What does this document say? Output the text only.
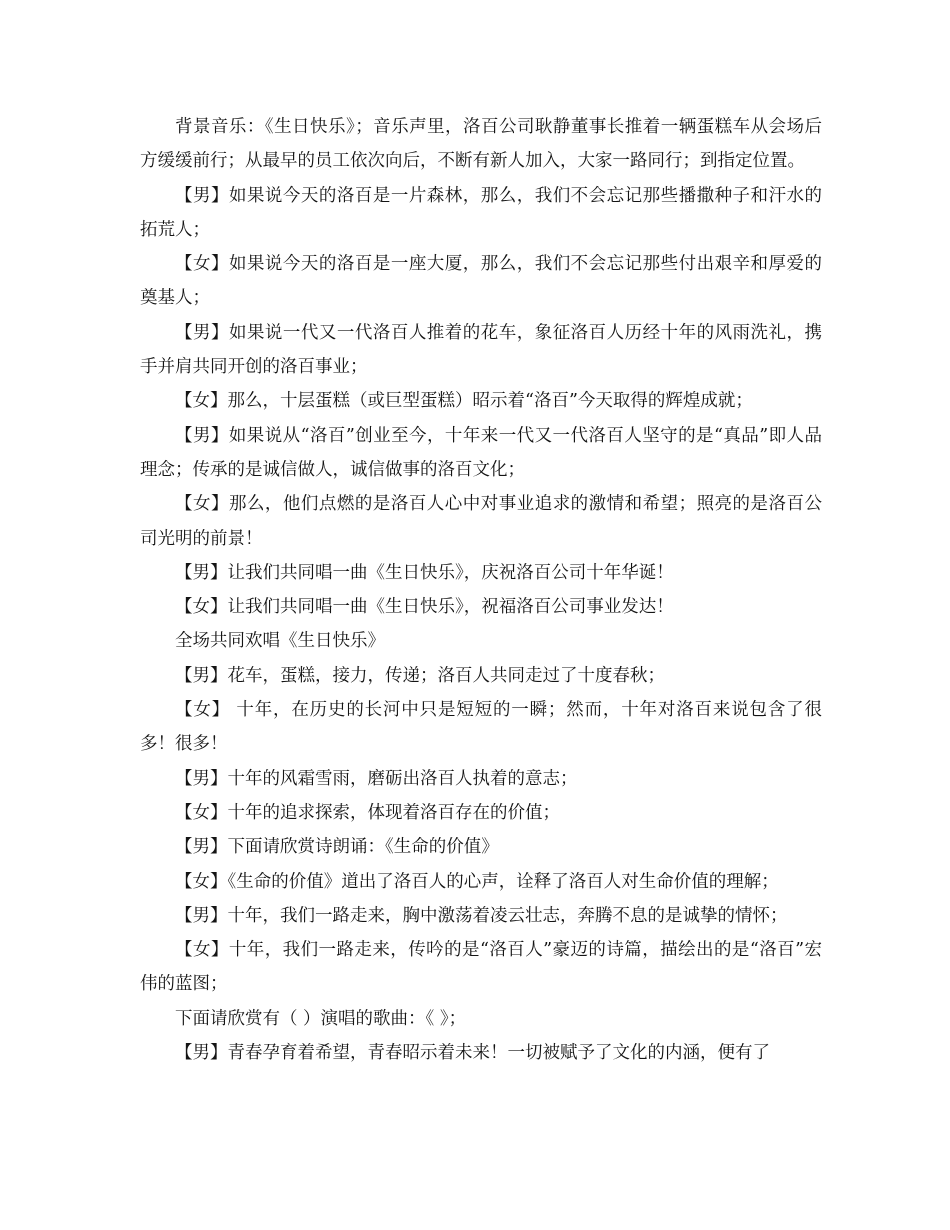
背景音乐：《生日快乐》；音乐声里，洛百公司耿静董事长推着一辆蛋糕车从会场后方缓缓前行；从最早的员工依次向后，不断有新人加入，大家一路同行；到指定位置。

【男】如果说今天的洛百是一片森林，那么，我们不会忘记那些播撒种子和汗水的拓荒人；

【女】如果说今天的洛百是一座大厦，那么，我们不会忘记那些付出艰辛和厚爱的奠基人；

【男】如果说一代又一代洛百人推着的花车，象征洛百人历经十年的风雨洗礼，携手并肩共同开创的洛百事业；

【女】那么，十层蛋糕（或巨型蛋糕）昭示着“洛百”今天取得的辉煌成就；

【男】如果说从“洛百”创业至今，十年来一代又一代洛百人坚守的是“真品”即人品理念；传承的是诚信做人，诚信做事的洛百文化；

【女】那么，他们点燃的是洛百人心中对事业追求的激情和希望；照亮的是洛百公司光明的前景！

【男】让我们共同唱一曲《生日快乐》，庆祝洛百公司十年华诞！

【女】让我们共同唱一曲《生日快乐》，祝福洛百公司事业发达！

全场共同欢唱《生日快乐》

【男】花车，蛋糕，接力，传递；洛百人共同走过了十度春秋；

【女】 十年，在历史的长河中只是短短的一瞬；然而，十年对洛百来说包含了很多！很多！

【男】十年的风霜雪雨，磨砺出洛百人执着的意志；

【女】十年的追求探索，体现着洛百存在的价值；

【男】下面请欣赏诗朗诵：《生命的价值》

【女】《生命的价值》道出了洛百人的心声，诠释了洛百人对生命价值的理解；

【男】十年，我们一路走来，胸中激荡着凌云壮志，奔腾不息的是诚挚的情怀；

【女】十年，我们一路走来，传吟的是“洛百人”豪迈的诗篇，描绘出的是“洛百”宏伟的蓝图；

下面请欣赏有（ ）演唱的歌曲：《 》；

【男】青春孕育着希望，青春昭示着未来！一切被赋予了文化的内涵，便有了
